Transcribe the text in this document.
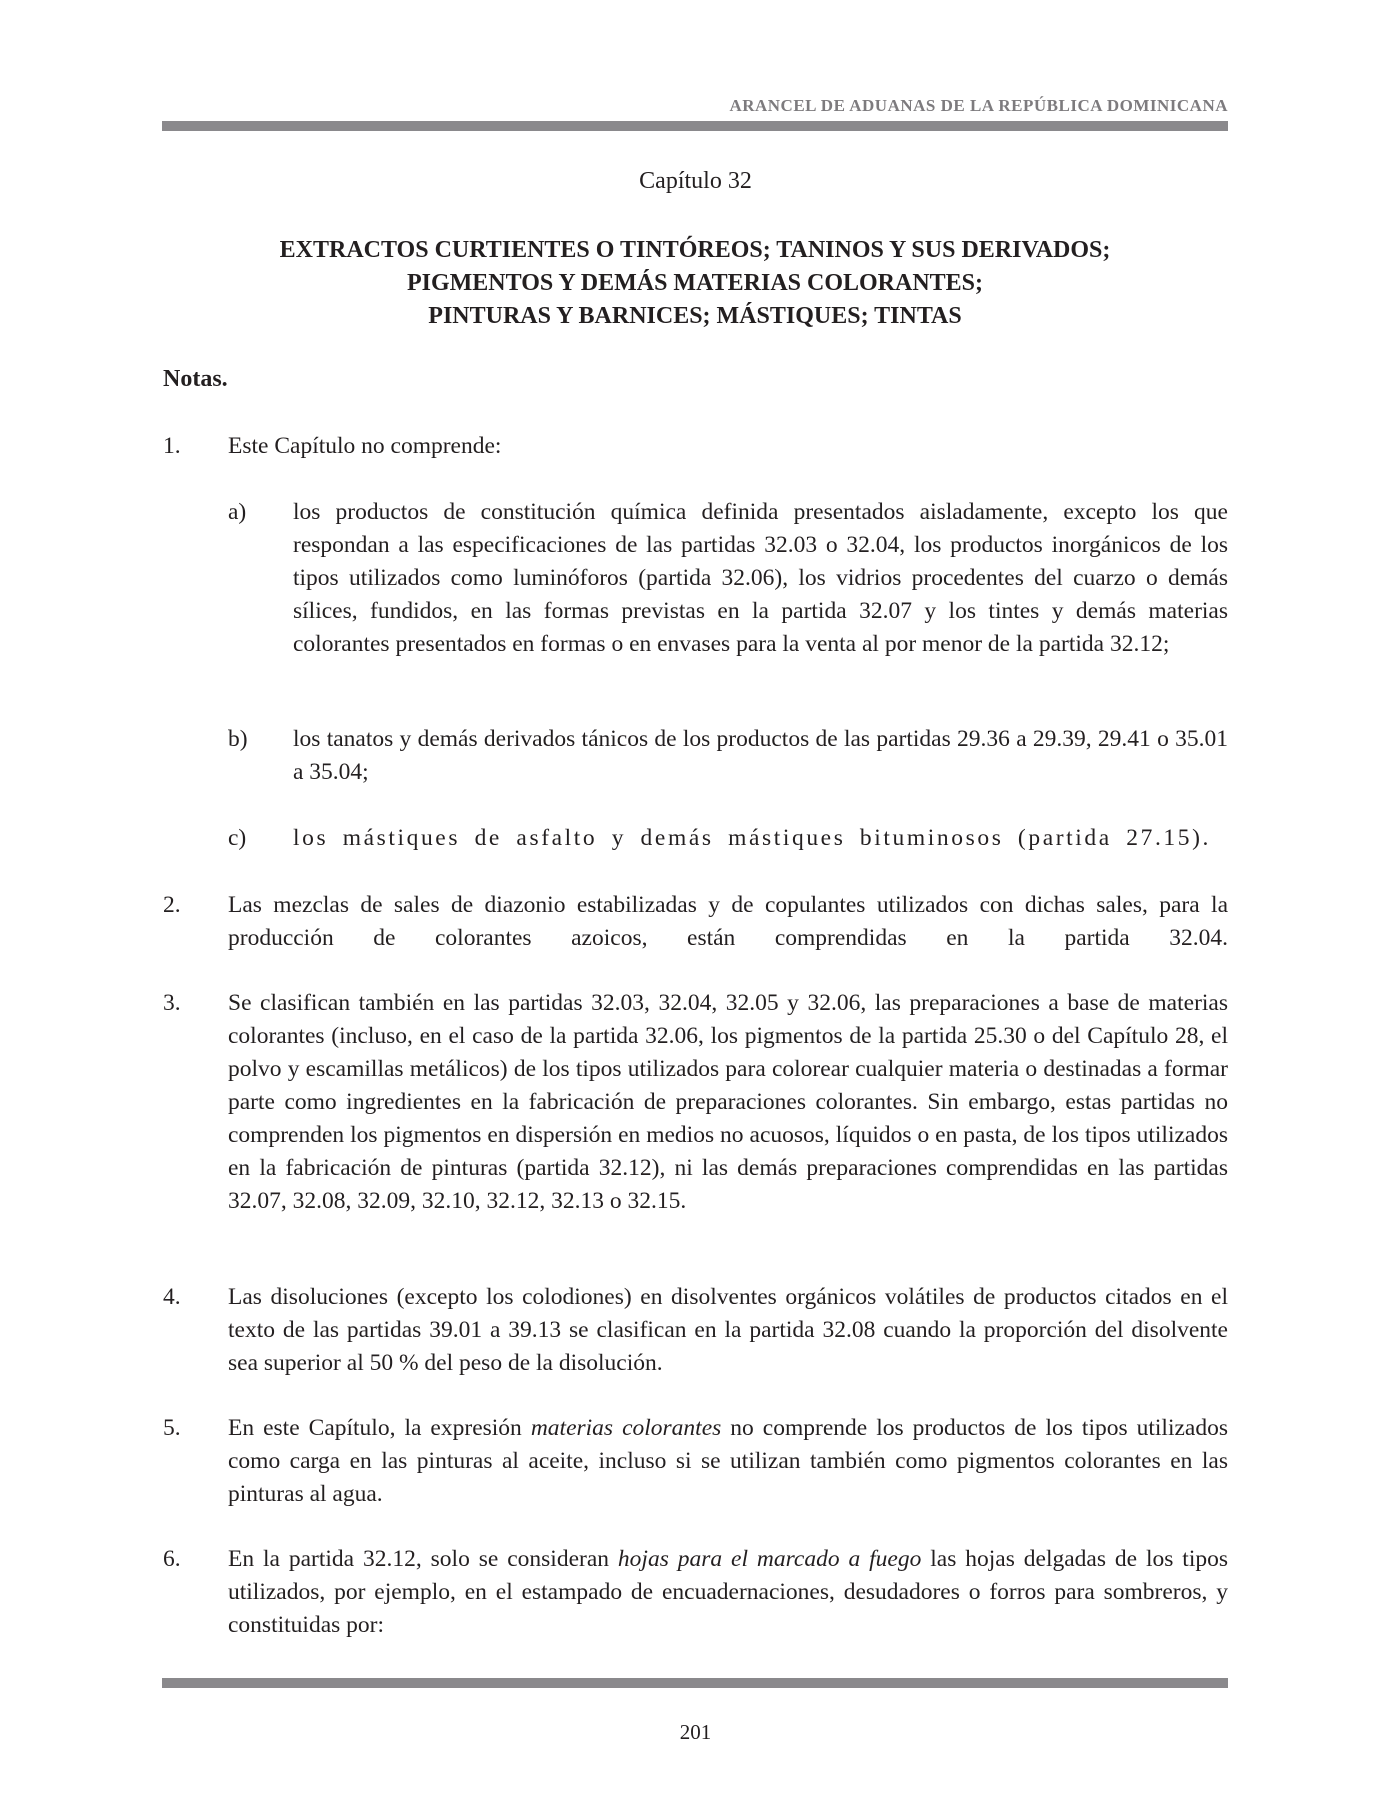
ARANCEL DE ADUANAS DE LA REPÚBLICA DOMINICANA
Capítulo 32
EXTRACTOS CURTIENTES O TINTÓREOS; TANINOS Y SUS DERIVADOS;
PIGMENTOS Y DEMÁS MATERIAS COLORANTES;
PINTURAS Y BARNICES; MÁSTIQUES; TINTAS
Notas.
1. Este Capítulo no comprende:
a) los productos de constitución química definida presentados aisladamente, excepto los que respondan a las especificaciones de las partidas 32.03 o 32.04, los productos inorgánicos de los tipos utilizados como luminóforos (partida 32.06), los vidrios procedentes del cuarzo o demás sílices, fundidos, en las formas previstas en la partida 32.07 y los tintes y demás materias colorantes presentados en formas o en envases para la venta al por menor de la partida 32.12;
b) los tanatos y demás derivados tánicos de los productos de las partidas 29.36 a 29.39, 29.41 o 35.01 a 35.04;
c) los mástiques de asfalto y demás mástiques bituminosos (partida 27.15).
2. Las mezclas de sales de diazonio estabilizadas y de copulantes utilizados con dichas sales, para la producción de colorantes azoicos, están comprendidas en la partida 32.04.
3. Se clasifican también en las partidas 32.03, 32.04, 32.05 y 32.06, las preparaciones a base de materias colorantes (incluso, en el caso de la partida 32.06, los pigmentos de la partida 25.30 o del Capítulo 28, el polvo y escamillas metálicos) de los tipos utilizados para colorear cualquier materia o destinadas a formar parte como ingredientes en la fabricación de preparaciones colorantes. Sin embargo, estas partidas no comprenden los pigmentos en dispersión en medios no acuosos, líquidos o en pasta, de los tipos utilizados en la fabricación de pinturas (partida 32.12), ni las demás preparaciones comprendidas en las partidas 32.07, 32.08, 32.09, 32.10, 32.12, 32.13 o 32.15.
4. Las disoluciones (excepto los colodiones) en disolventes orgánicos volátiles de productos citados en el texto de las partidas 39.01 a 39.13 se clasifican en la partida 32.08 cuando la proporción del disolvente sea superior al 50 % del peso de la disolución.
5. En este Capítulo, la expresión materias colorantes no comprende los productos de los tipos utilizados como carga en las pinturas al aceite, incluso si se utilizan también como pigmentos colorantes en las pinturas al agua.
6. En la partida 32.12, solo se consideran hojas para el marcado a fuego las hojas delgadas de los tipos utilizados, por ejemplo, en el estampado de encuadernaciones, desudadores o forros para sombreros, y constituidas por:
201
